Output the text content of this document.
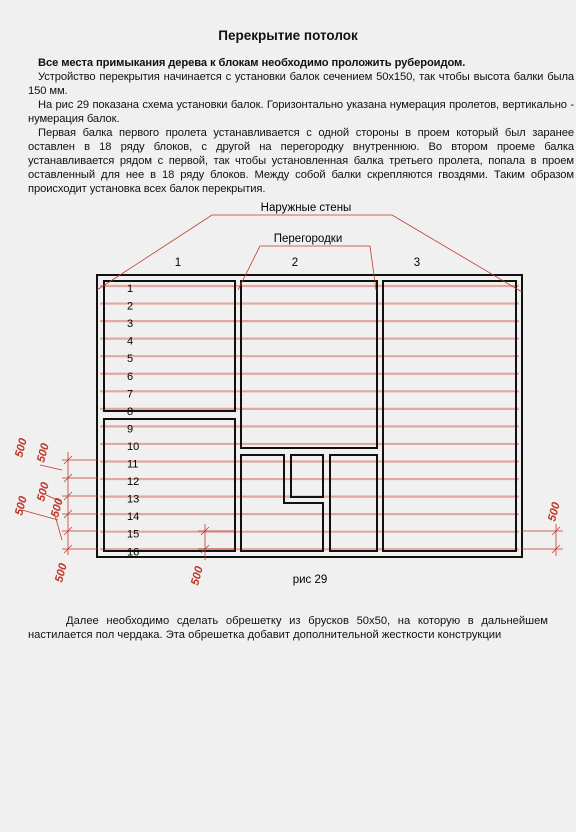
Перекрытие потолок

Все места примыкания дерева к блокам необходимо проложить рубероидом.

Устройство перекрытия начинается с установки балок сечением 50х150, так чтобы высота балки была 150 мм.

На рис 29 показана схема установки балок. Горизонтально указана нумерация пролетов, вертикально - нумерация балок.

Первая балка первого пролета устанавливается с одной стороны в проем который был заранее оставлен в 18 ряду блоков, с другой на перегородку внутреннюю. Во втором проеме балка устанавливается рядом с первой, так чтобы установленная балка третьего пролета, попала в проем оставленный для нее в 18 ряду блоков. Между собой балки скрепляются гвоздями. Таким образом происходит установка всех балок перекрытия.

Наружные стены
Перегородки
1	2	3
1
2
3
4
5
6
7
8
9
10
11
12
13
14
15
16
500 500
500
500 500
500	500
500
рис 29

Далее необходимо сделать обрешетку из брусков 50х50, на которую в дальнейшем настилается пол чердака. Эта обрешетка добавит дополнительной жесткости конструкции
